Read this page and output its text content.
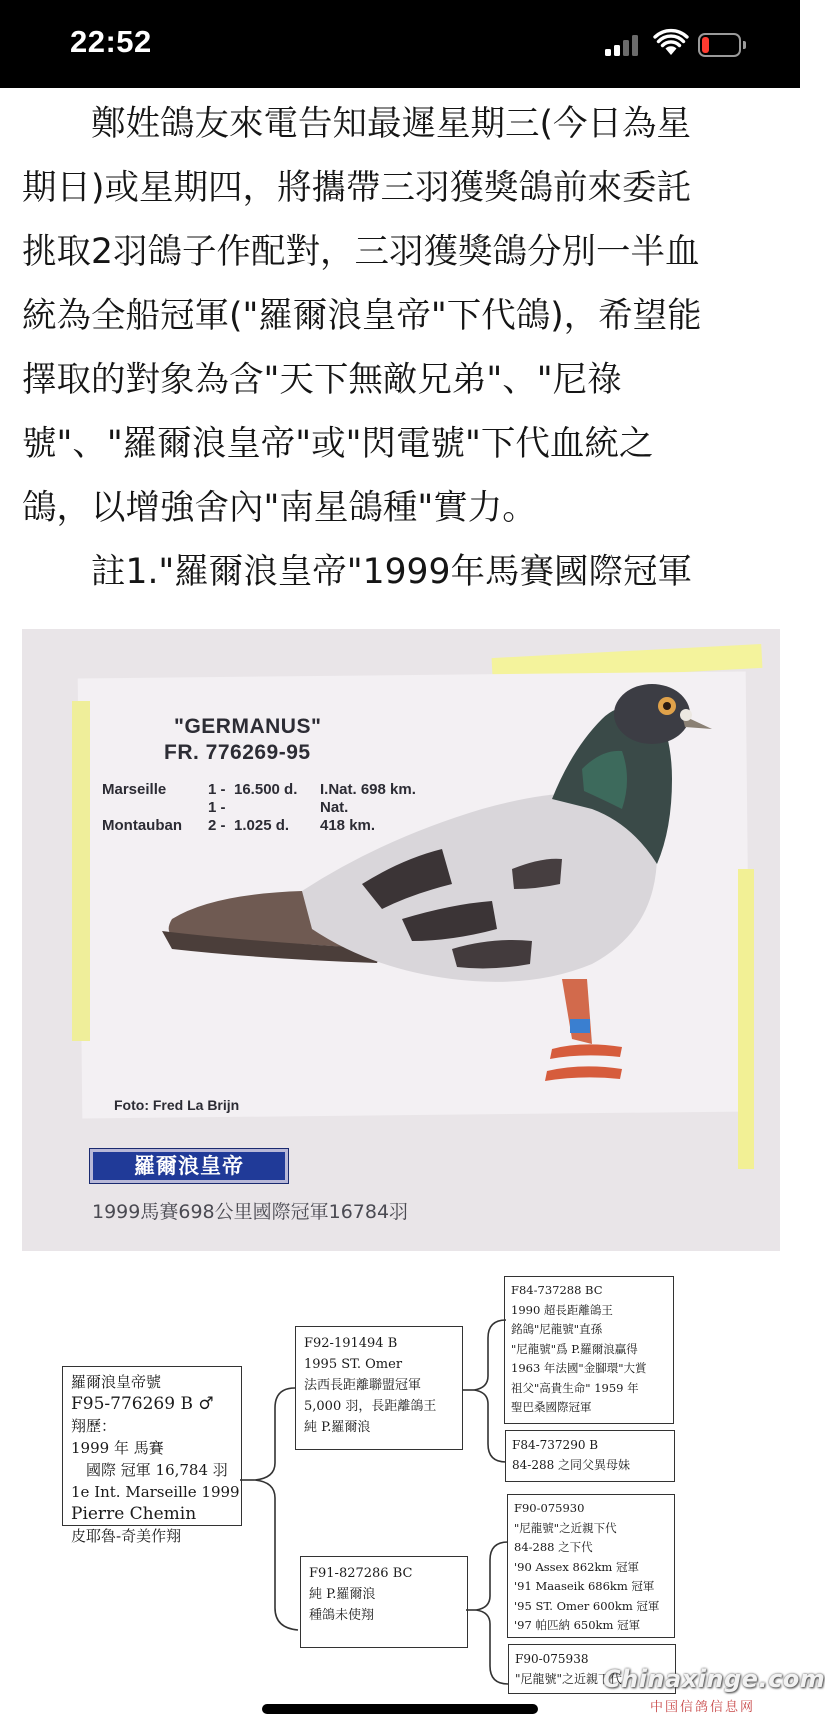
22:52
　　鄭姓鴿友來電告知最遲星期三(今日為星
期日)或星期四，將攜帶三羽獲獎鴿前來委託
挑取2羽鴿子作配對，三羽獲獎鴿分別一半血
統為全船冠軍("羅爾浪皇帝"下代鴿)，希望能
擇取的對象為含"天下無敵兄弟"、"尼祿
號"、"羅爾浪皇帝"或"閃電號"下代血統之
鴿，以增強舍內"南星鴿種"實力。
　　註1."羅爾浪皇帝"1999年馬賽國際冠軍
"GERMANUS"
FR. 776269-95
Marseille	1 - 16.500 d. I.Nat. 698 km.
1 -	Nat.
Montauban 2 - 1.025 d. 418 km.
Foto: Fred La Brijn
羅爾浪皇帝
1999馬賽698公里國際冠軍16784羽
羅爾浪皇帝號
F95-776269 B ♂
翔歷：
1999 年 馬賽
　國際 冠軍 16,784 羽
1e Int. Marseille 1999
Pierre Chemin
皮耶魯-奇美作翔
F92-191494 B
1995 ST. Omer
法西長距離聯盟冠軍
5,000 羽，長距離鴿王
純 P.羅爾浪
F91-827286 BC
純 P.羅爾浪
種鴿未使翔
F84-737288 BC
1990 超長距離鴿王
銘鴿"尼龍號"直孫
"尼龍號"爲 P.羅爾浪贏得
1963 年法國"金腳環"大賞
祖父"高貴生命" 1959 年
聖巴桑國際冠軍
F84-737290 B
84-288 之同父異母妹
F90-075930
"尼龍號"之近親下代
84-288 之下代
'90 Assex 862km 冠軍
'91 Maaseik 686km 冠軍
'95 ST. Omer 600km 冠軍
'97 帕匹納 650km 冠軍
F90-075938
"尼龍號"之近親下代
Chinaxinge.com
中国信鸽信息网
